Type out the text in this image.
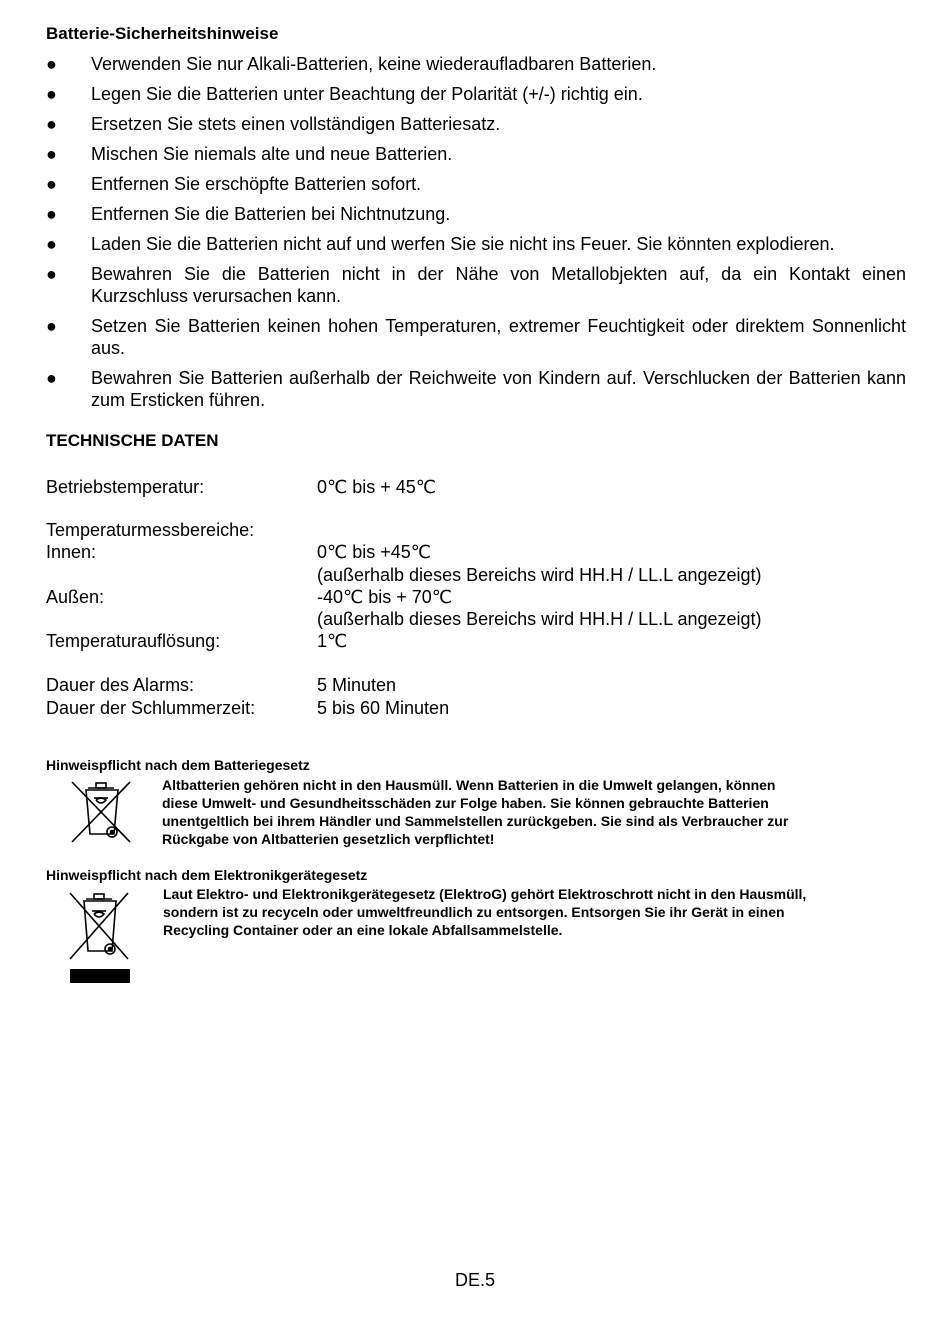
Batterie-Sicherheitshinweise
● Verwenden Sie nur Alkali-Batterien, keine wiederaufladbaren Batterien.
● Legen Sie die Batterien unter Beachtung der Polarität (+/-) richtig ein.
● Ersetzen Sie stets einen vollständigen Batteriesatz.
● Mischen Sie niemals alte und neue Batterien.
● Entfernen Sie erschöpfte Batterien sofort.
● Entfernen Sie die Batterien bei Nichtnutzung.
● Laden Sie die Batterien nicht auf und werfen Sie sie nicht ins Feuer. Sie könnten explodieren.
● Bewahren Sie die Batterien nicht in der Nähe von Metallobjekten auf, da ein Kontakt einen Kurzschluss verursachen kann.
● Setzen Sie Batterien keinen hohen Temperaturen, extremer Feuchtigkeit oder direktem Sonnenlicht aus.
● Bewahren Sie Batterien außerhalb der Reichweite von Kindern auf. Verschlucken der Batterien kann zum Ersticken führen.
TECHNISCHE DATEN
Betriebstemperatur:	0℃ bis + 45℃
Temperaturmessbereiche:
Innen:	0℃ bis +45℃
(außerhalb dieses Bereichs wird HH.H / LL.L angezeigt)
Außen:	-40℃ bis + 70℃
(außerhalb dieses Bereichs wird HH.H / LL.L angezeigt)
Temperaturauflösung:	1℃
Dauer des Alarms:	5 Minuten
Dauer der Schlummerzeit:	5 bis 60 Minuten
Hinweispflicht nach dem Batteriegesetz
Altbatterien gehören nicht in den Hausmüll. Wenn Batterien in die Umwelt gelangen, können
diese Umwelt- und Gesundheitsschäden zur Folge haben. Sie können gebrauchte Batterien
unentgeltlich bei ihrem Händler und Sammelstellen zurückgeben. Sie sind als Verbraucher zur
Rückgabe von Altbatterien gesetzlich verpflichtet!
Hinweispflicht nach dem Elektronikgerätegesetz
Laut Elektro- und Elektronikgerätegesetz (ElektroG) gehört Elektroschrott nicht in den Hausmüll,
sondern ist zu recyceln oder umweltfreundlich zu entsorgen. Entsorgen Sie ihr Gerät in einen
Recycling Container oder an eine lokale Abfallsammelstelle.
DE.5
